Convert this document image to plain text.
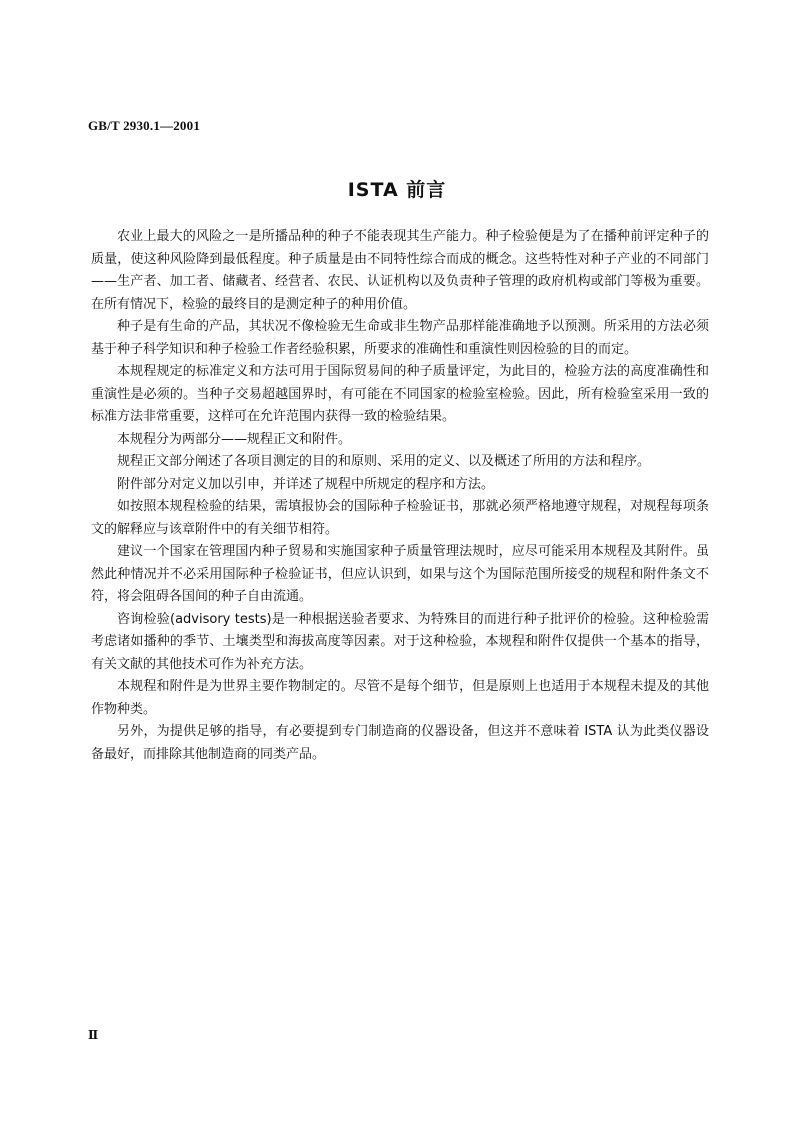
GB/T 2930.1—2001
ISTA 前言

农业上最大的风险之一是所播品种的种子不能表现其生产能力。种子检验便是为了在播种前评定种子的质量，使这种风险降到最低程度。种子质量是由不同特性综合而成的概念。这些特性对种子产业的不同部门——生产者、加工者、储藏者、经营者、农民、认证机构以及负责种子管理的政府机构或部门等极为重要。在所有情况下，检验的最终目的是测定种子的种用价值。

种子是有生命的产品，其状况不像检验无生命或非生物产品那样能准确地予以预测。所采用的方法必须基于种子科学知识和种子检验工作者经验积累，所要求的准确性和重演性则因检验的目的而定。

本规程规定的标准定义和方法可用于国际贸易间的种子质量评定，为此目的，检验方法的高度准确性和重演性是必须的。当种子交易超越国界时，有可能在不同国家的检验室检验。因此，所有检验室采用一致的标准方法非常重要，这样可在允许范围内获得一致的检验结果。

本规程分为两部分——规程正文和附件。

规程正文部分阐述了各项目测定的目的和原则、采用的定义、以及概述了所用的方法和程序。

附件部分对定义加以引申，并详述了规程中所规定的程序和方法。

如按照本规程检验的结果，需填报协会的国际种子检验证书，那就必须严格地遵守规程，对规程每项条文的解释应与该章附件中的有关细节相符。

建议一个国家在管理国内种子贸易和实施国家种子质量管理法规时，应尽可能采用本规程及其附件。虽然此种情况并不必采用国际种子检验证书，但应认识到，如果与这个为国际范围所接受的规程和附件条文不符，将会阻碍各国间的种子自由流通。

咨询检验(advisory tests)是一种根据送验者要求、为特殊目的而进行种子批评价的检验。这种检验需考虑诸如播种的季节、土壤类型和海拔高度等因素。对于这种检验，本规程和附件仅提供一个基本的指导，有关文献的其他技术可作为补充方法。

本规程和附件是为世界主要作物制定的。尽管不是每个细节，但是原则上也适用于本规程未提及的其他作物种类。

另外，为提供足够的指导，有必要提到专门制造商的仪器设备，但这并不意味着 ISTA 认为此类仪器设备最好，而排除其他制造商的同类产品。

Ⅱ
